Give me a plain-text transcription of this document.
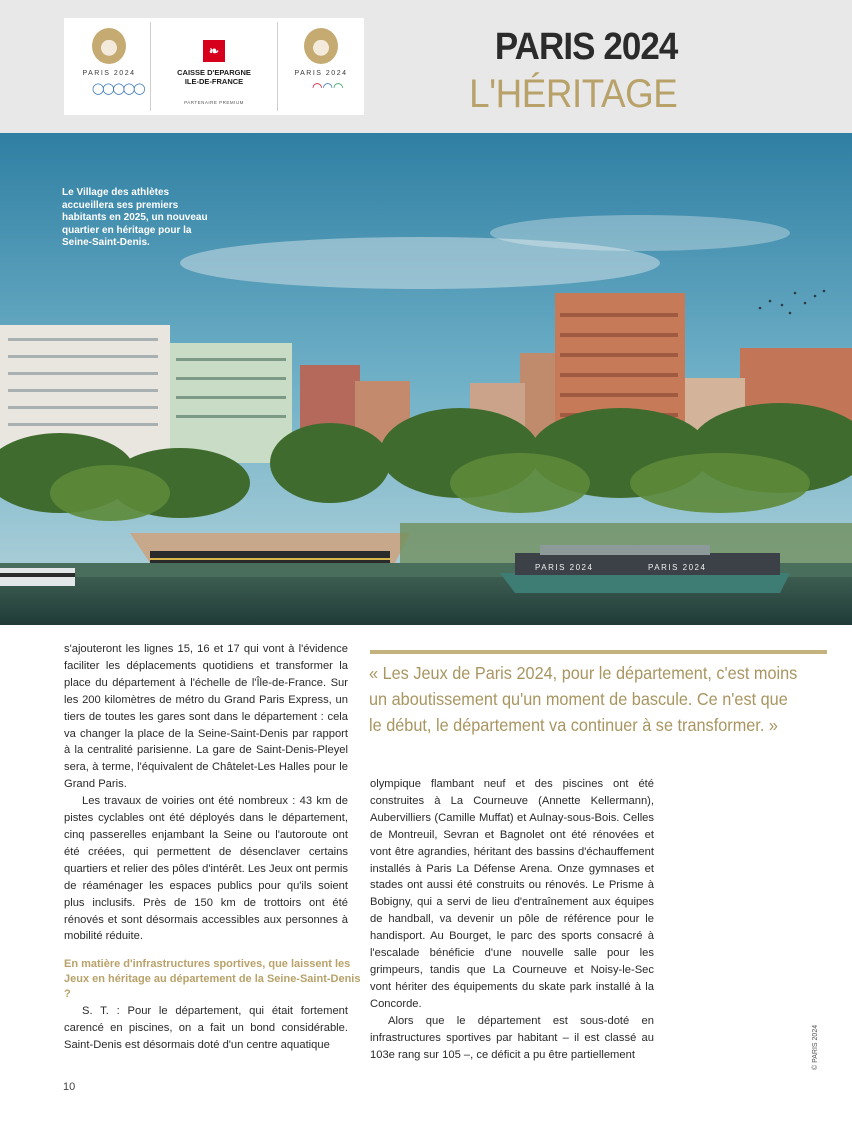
PARIS 2024
◯◯◯◯◯
❧
CAISSE D'EPARGNE
ILE-DE-FRANCE
PARTENAIRE PREMIUM
PARIS 2024
◠◠◠
PARIS 2024
L'HÉRITAGE
PARIS 2024	PARIS 2024
Le Village des athlètes accueillera ses premiers habitants en 2025, un nouveau quartier en héritage pour la Seine-Saint-Denis.

s'ajouteront les lignes 15, 16 et 17 qui vont à l'évidence faciliter les déplacements quotidiens et transformer la place du département à l'échelle de l'Île-de-France. Sur les 200 kilomètres de métro du Grand Paris Express, un tiers de toutes les gares sont dans le département : cela va changer la place de la Seine-Saint-Denis par rapport à la centralité parisienne. La gare de Saint-Denis-Pleyel sera, à terme, l'équivalent de Châtelet-Les Halles pour le Grand Paris.

Les travaux de voiries ont été nombreux : 43 km de pistes cyclables ont été déployés dans le département, cinq passerelles enjambant la Seine ou l'autoroute ont été créées, qui permettent de désenclaver certains quartiers et relier des pôles d'intérêt. Les Jeux ont permis de réaménager les espaces publics pour qu'ils soient plus inclusifs. Près de 150 km de trottoirs ont été rénovés et sont désormais accessibles aux personnes à mobilité réduite.

En matière d'infrastructures sportives, que laissent les Jeux en héritage au département de la Seine-Saint-Denis ?

S. T. : Pour le département, qui était fortement carencé en piscines, on a fait un bond considérable. Saint-Denis est désormais doté d'un centre aquatique

« Les Jeux de Paris 2024, pour le département, c'est moins un aboutissement qu'un moment de bascule. Ce n'est que le début, le département va continuer à se transformer. »

olympique flambant neuf et des piscines ont été construites à La Courneuve (Annette Kellermann), Aubervilliers (Camille Muffat) et Aulnay-sous-Bois. Celles de Montreuil, Sevran et Bagnolet ont été rénovées et vont être agrandies, héritant des bassins d'échauffement installés à Paris La Défense Arena. Onze gymnases et stades ont aussi été construits ou rénovés. Le Prisme à Bobigny, qui a servi de lieu d'entraînement aux équipes de handball, va devenir un pôle de référence pour le handisport. Au Bourget, le parc des sports consacré à l'escalade bénéficie d'une nouvelle salle pour les grimpeurs, tandis que La Courneuve et Noisy-le-Sec vont hériter des équipements du skate park installé à la Concorde.

Alors que le département est sous-doté en infrastructures sportives par habitant – il est classé au 103e rang sur 105 –, ce déficit a pu être partiellement

10
© PARIS 2024
